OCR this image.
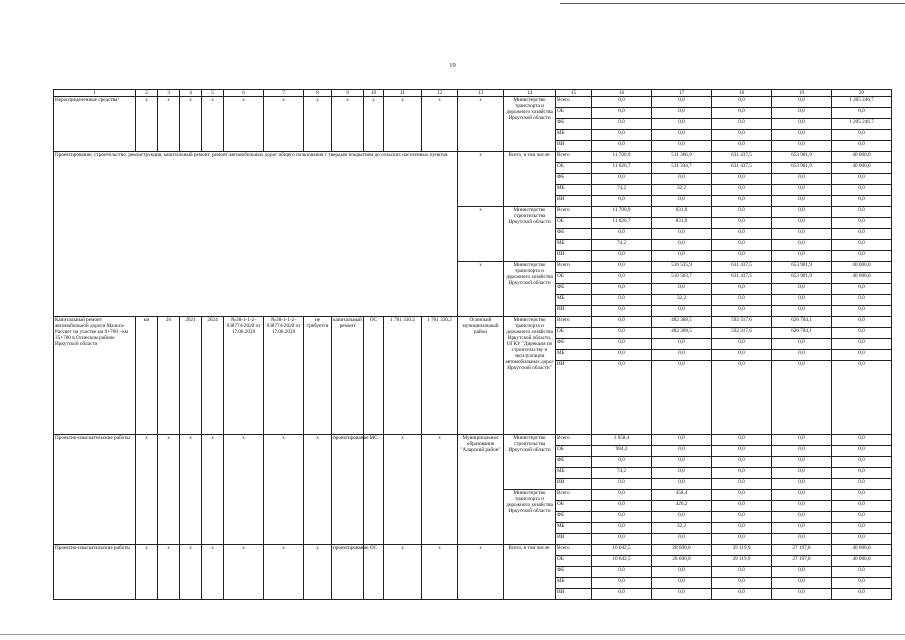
19
1	2	3	4	5	6	7	8	9	10	11	12	13	14	15	16	17	18	19	20
Нераспределенные средства¹	х	х	х	х	х	х	х	х	х	х	х	х	Министерство транспорта и дорожного хозяйства Иркутской области	Всего	0,0	0,0	0,0	0,0	1 205 246,7
														ОБ	0,0	0,0	0,0	0,0	0,0
														ФБ	0,0	0,0	0,0	0,0	1 205 246,7
														МБ	0,0	0,0	0,0	0,0	0,0
														ИИ	0,0	0,0	0,0	0,0	0,0
Проектирование, строительство, реконструкция, капитальный ремонт, ремонт автомобильных дорог общего пользования с твердым покрытием до сельских населенных пунктов												х	Всего, в том числе:	Всего	11 700,9	511 366,9	631 437,5	653 901,9	40 000,0
														ОБ	11 626,7	511 334,7	631 437,5	653 901,9	40 000,0
														ФБ	0,0	0,0	0,0	0,0	0,0
														МБ	74,2	32,2	0,0	0,0	0,0
														ИИ	0,0	0,0	0,0	0,0	0,0
												х	Министерство строительства Иркутской области	Всего	11 700,9	831,0	0,0	0,0	0,0
														ОБ	11 626,7	831,0	0,0	0,0	0,0
														ФБ	0,0	0,0	0,0	0,0	0,0
														МБ	74,2	0,0	0,0	0,0	0,0
														ИИ	0,0	0,0	0,0	0,0	0,0
												х	Министерство транспорта и дорожного хозяйства Иркутской области	Всего	0,0	510 535,9	631 437,5	653 901,9	40 000,0
														ОБ	0,0	510 503,7	631 437,5	653 901,9	40 000,0
														ФБ	0,0	0,0	0,0	0,0	0,0
														МБ	0,0	32,2	0,0	0,0	0,0
														ИИ	0,0	0,0	0,0	0,0	0,0
Капитальный ремонт автомобильной дороги Мальта-Рассвет на участке км 9+700 - км 35+700 в Осинском районе Иркутской области	км	26	2021	2024	№38-1-1-2-038774-2020 от 17.08.2020	№38-1-1-2-038774-2020 от 17.08.2020	не требуется	капитальный ремонт	ОС	1 701 330,2	1 701 330,2	Осинский муниципальный район	Министерство транспорта и дорожного хозяйства Иркутской области, ОГКУ "Дирекция по строительству и эксплуатации автомобильных дорог Иркутской области"	Всего	0,0	482 308,5	592 317,6	626 704,1	0,0
														ОБ	0,0	482 308,5	592 317,6	626 704,1	0,0
														ФБ	0,0	0,0	0,0	0,0	0,0
														МБ	0,0	0,0	0,0	0,0	0,0
														ИИ	0,0	0,0	0,0	0,0	0,0
Проектно-изыскательские работы	х	х	х	х	х	х	х	проектирование	МС	х	х	Муниципальное образование "Аларский район"	Министерство строительства Иркутской области	Всего	1 058,4	0,0	0,0	0,0	0,0
														ОБ	984,2	0,0	0,0	0,0	0,0
														ФБ	0,0	0,0	0,0	0,0	0,0
														МБ	74,2	0,0	0,0	0,0	0,0
														ИИ	0,0	0,0	0,0	0,0	0,0
													Министерство транспорта и дорожного хозяйства Иркутской области	Всего	0,0	458,4	0,0	0,0	0,0
														ОБ	0,0	426,2	0,0	0,0	0,0
														ФБ	0,0	0,0	0,0	0,0	0,0
														МБ	0,0	32,2	0,0	0,0	0,0
														ИИ	0,0	0,0	0,0	0,0	0,0
Проектно-изыскательские работы	х	х	х	х	х	х	х	проектирование	ОС	х	х	х	Всего, в том числе:	Всего	10 642,5	28 600,0	39 119,9	27 197,8	40 000,0
														ОБ	10 642,5	28 600,0	39 119,9	27 197,8	40 000,0
														ФБ	0,0	0,0	0,0	0,0	0,0
														МБ	0,0	0,0	0,0	0,0	0,0
														ИИ	0,0	0,0	0,0	0,0	0,0
